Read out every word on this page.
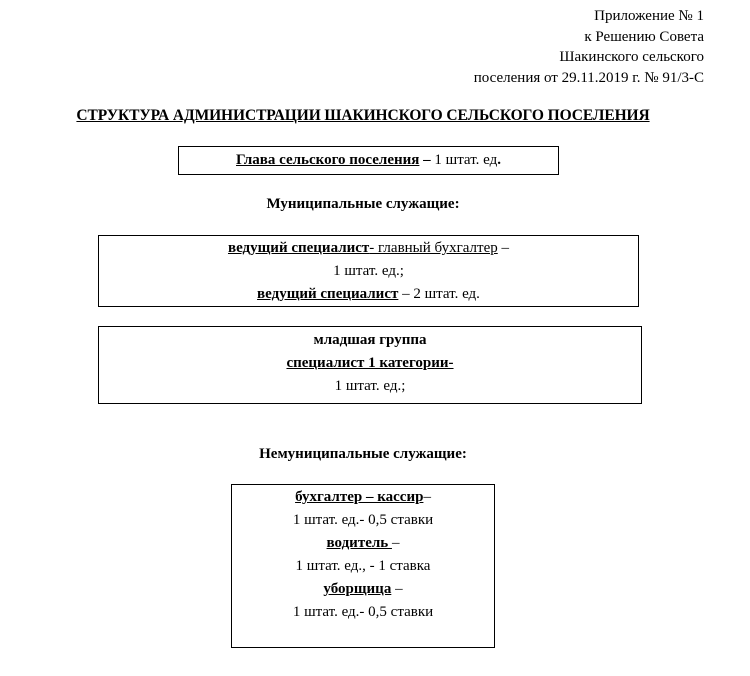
Приложение № 1
к Решению Совета
Шакинского сельского
поселения от 29.11.2019 г. № 91/3-С
СТРУКТУРА АДМИНИСТРАЦИИ ШАКИНСКОГО СЕЛЬСКОГО ПОСЕЛЕНИЯ
Глава сельского поселения – 1 штат. ед.
Муниципальные служащие:
ведущий специалист- главный бухгалтер –
1 штат. ед.;
ведущий специалист – 2 штат. ед.
младшая группа
специалист 1 категории-
1 штат. ед.;
Немуниципальные служащие:
бухгалтер – кассир–
1 штат. ед.- 0,5 ставки
водитель –
1 штат. ед., - 1 ставка
уборщица –
1 штат. ед.- 0,5 ставки
